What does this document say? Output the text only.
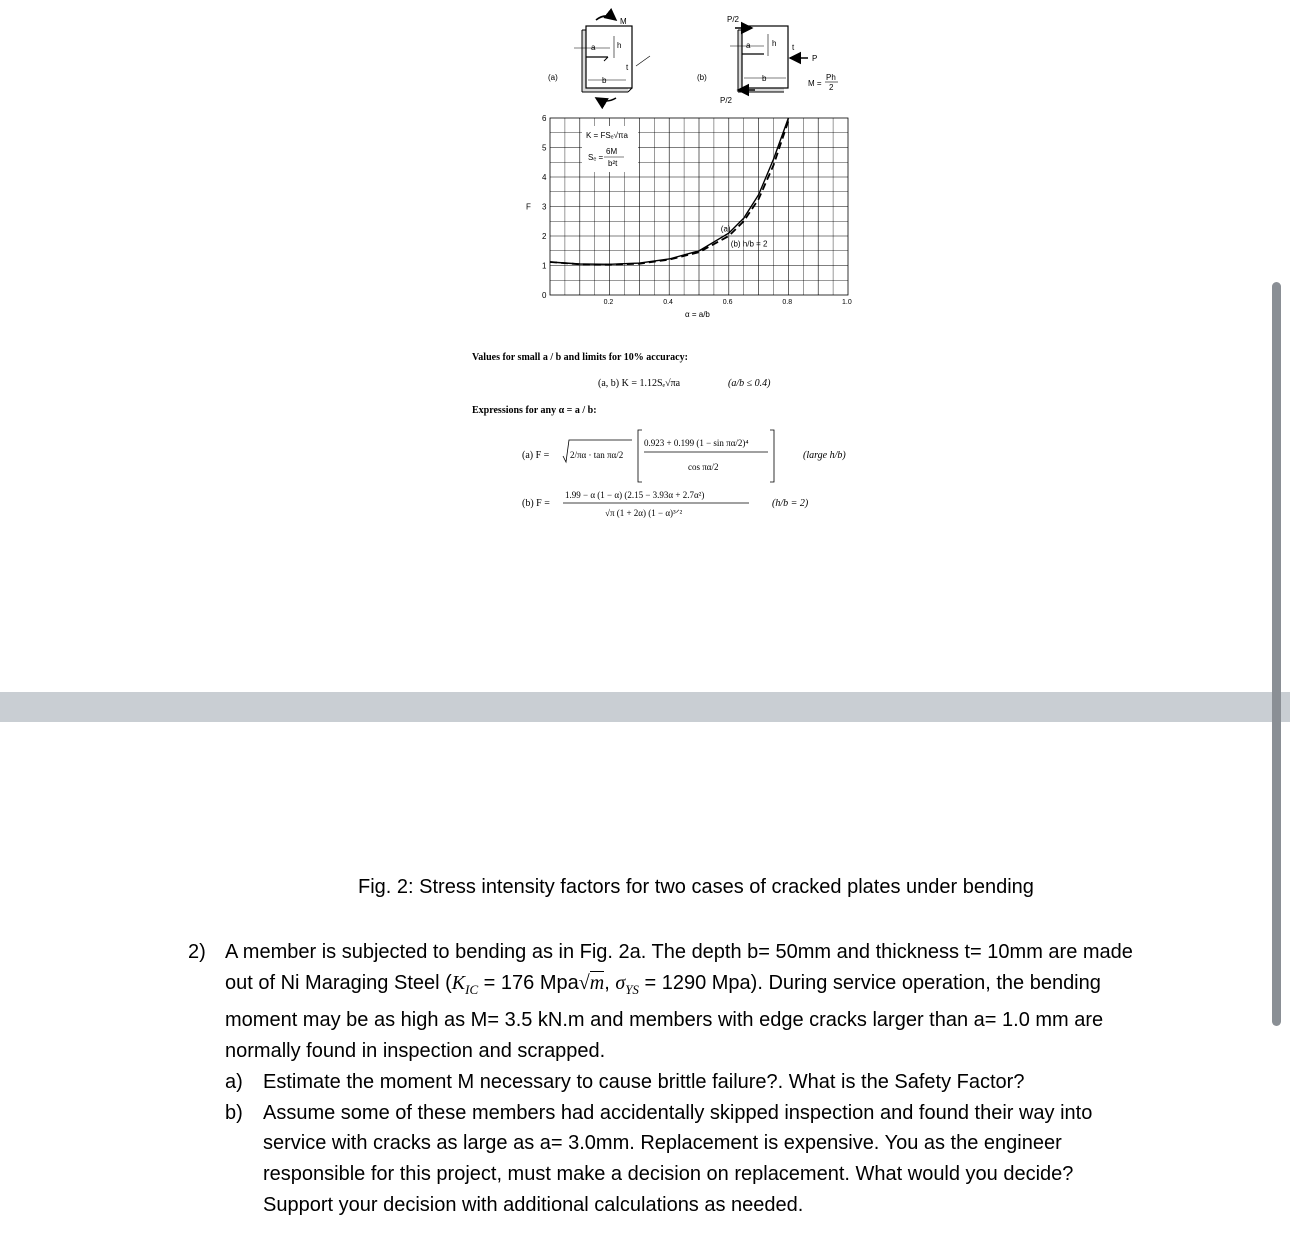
(a)
a	h
t
b
M
(b)
a	h t
b
P/2
P/2
P
M =
Ph
2
0
1
2
3
4
5
6
0.2	0.4	0.6	0.8	1.0
F
α = a/b
(a)
(b) h/b = 2
K = FSₑ√πa
Sₑ =
6M
b²t
Values for small a / b and limits for 10% accuracy:
(a, b) K = 1.12Sₑ√πa	(a/b ≤ 0.4)
Expressions for any α = a / b:
(a) F = 2/πα · tan πα/2
0.923 + 0.199 (1 − sin πα/2)⁴
cos πα/2
(large h/b)
(b) F =
1.99 − α (1 − α) (2.15 − 3.93α + 2.7α²)
√π (1 + 2α) (1 − α)³ᐟ²
(h/b = 2)
Fig. 2: Stress intensity factors for two cases of cracked plates under bending
2) A member is subjected to bending as in Fig. 2a. The depth b= 50mm and thickness t= 10mm are made out of Ni Maraging Steel ($K_{IC} = 176$ Mpa√m, $\sigma_{YS} = 1290$ Mpa). During service operation, the bending moment may be as high as M= 3.5 kN.m and members with edge cracks larger than a= 1.0 mm are normally found in inspection and scrapped.
a) Estimate the moment M necessary to cause brittle failure?. What is the Safety Factor?
b) Assume some of these members had accidentally skipped inspection and found their way into service with cracks as large as a= 3.0mm. Replacement is expensive. You as the engineer responsible for this project, must make a decision on replacement. What would you decide? Support your decision with additional calculations as needed.
